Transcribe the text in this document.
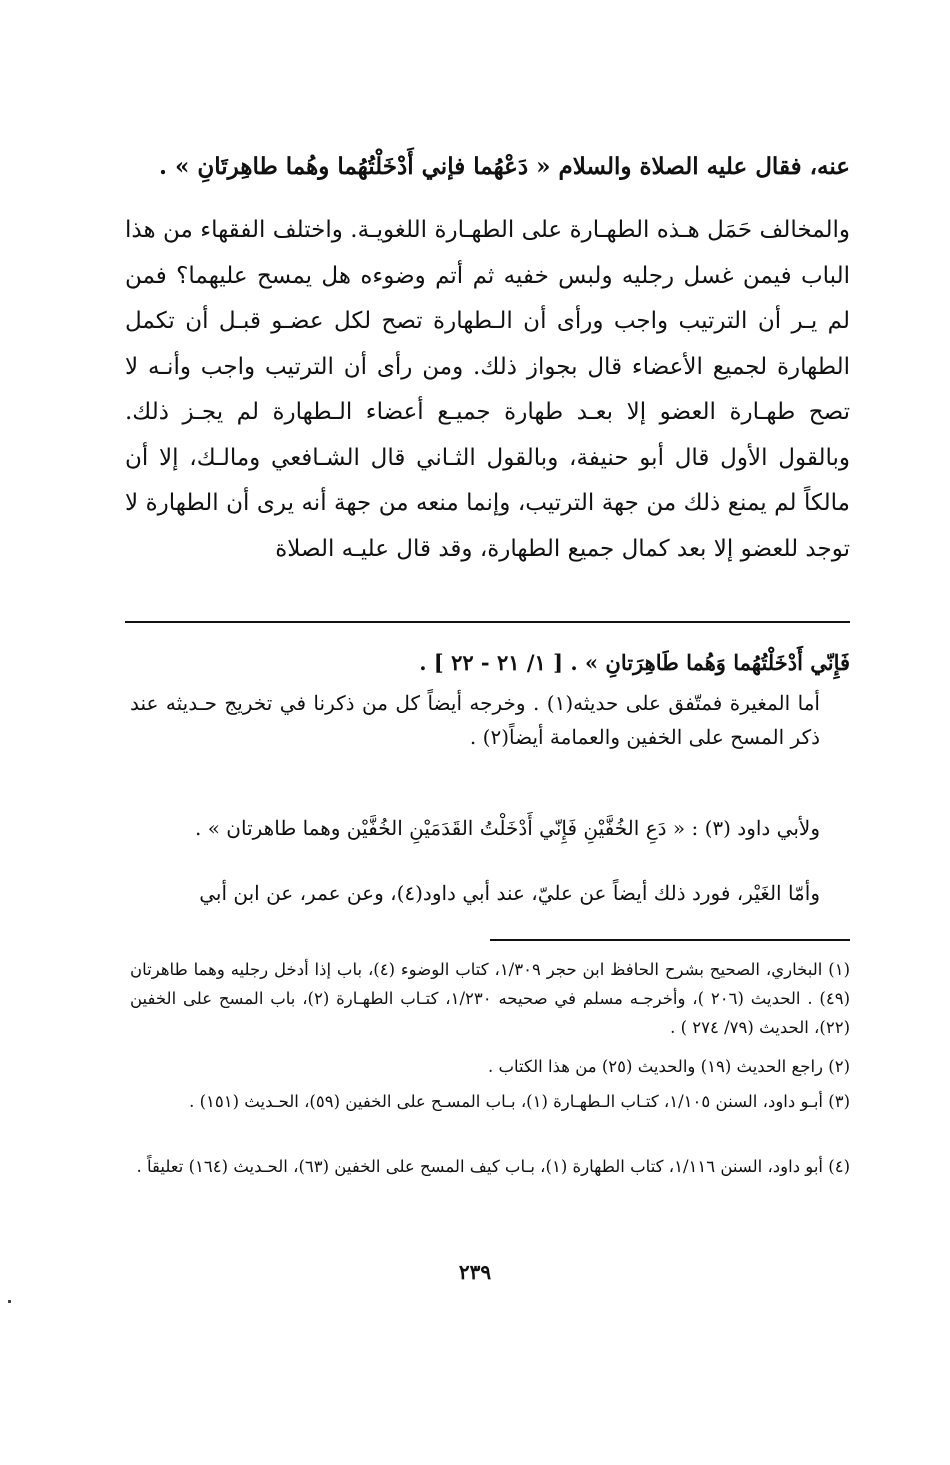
عنه، فقال عليه الصلاة والسلام « دَعْهُما فإني أَدْخَلْتُهُما وهُما طاهِرتَانِ » .
والمخالف حَمَل هـذه الطهـارة على الطهـارة اللغويـة. واختلف الفقهاء من هذا الباب فيمن غسل رجليه ولبس خفيه ثم أتم وضوءه هل يمسح عليهما؟ فمن لم يـر أن الترتيب واجب ورأى أن الـطهارة تصح لكل عضـو قبـل أن تكمل الطهارة لجميع الأعضاء قال بجواز ذلك. ومن رأى أن الترتيب واجب وأنـه لا تصح طهـارة العضو إلا بعـد طهارة جميـع أعضاء الـطهارة لم يجـز ذلك. وبالقول الأول قال أبو حنيفة، وبالقول الثـاني قال الشـافعي ومالـك، إلا أن مالكاً لم يمنع ذلك من جهة الترتيب، وإنما منعه من جهة أنه يرى أن الطهارة لا توجد للعضو إلا بعد كمال جميع الطهارة، وقد قال عليـه الصلاة
فَإِنّي أَدْخَلْتُهُما وَهُما طَاهِرَتانِ » . [ ١/ ٢١ - ٢٢ ] .
أما المغيرة فمتّفق على حديثه(١) . وخرجه أيضاً كل من ذكرنا في تخريج حـديثه عند ذكر المسح على الخفين والعمامة أيضاً(٢) .
ولأبي داود (٣) : « دَعِ الخُفَّيْنِ فَإِنّي أَدْخَلْتُ القَدَمَيْنِ الخُفَّيْن وهما طاهرتان » .
وأمّا الغَيْر، فورد ذلك أيضاً عن عليّ، عند أبي داود(٤)، وعن عمر، عن ابن أبي
(١) البخاري، الصحيح بشرح الحافظ ابن حجر ١/٣٠٩، كتاب الوضوء (٤)، باب إذا أدخل رجليه وهما طاهرتان (٤٩) . الحديث (٢٠٦ )، وأخرجـه مسلم في صحيحه ١/٢٣٠، كتـاب الطهـارة (٢)، باب المسح على الخفين (٢٢)، الحديث (٧٩/ ٢٧٤ ) .
(٢) راجع الحديث (١٩) والحديث (٢٥) من هذا الكتاب .
(٣) أبـو داود، السنن ١/١٠٥، كتـاب الـطهـارة (١)، بـاب المسـح على الخفين (٥٩)، الحـديث (١٥١) .
(٤) أبو داود، السنن ١/١١٦، كتاب الطهارة (١)، بـاب كيف المسح على الخفين (٦٣)، الحـديث (١٦٤) تعليقاً .
٢٣٩
